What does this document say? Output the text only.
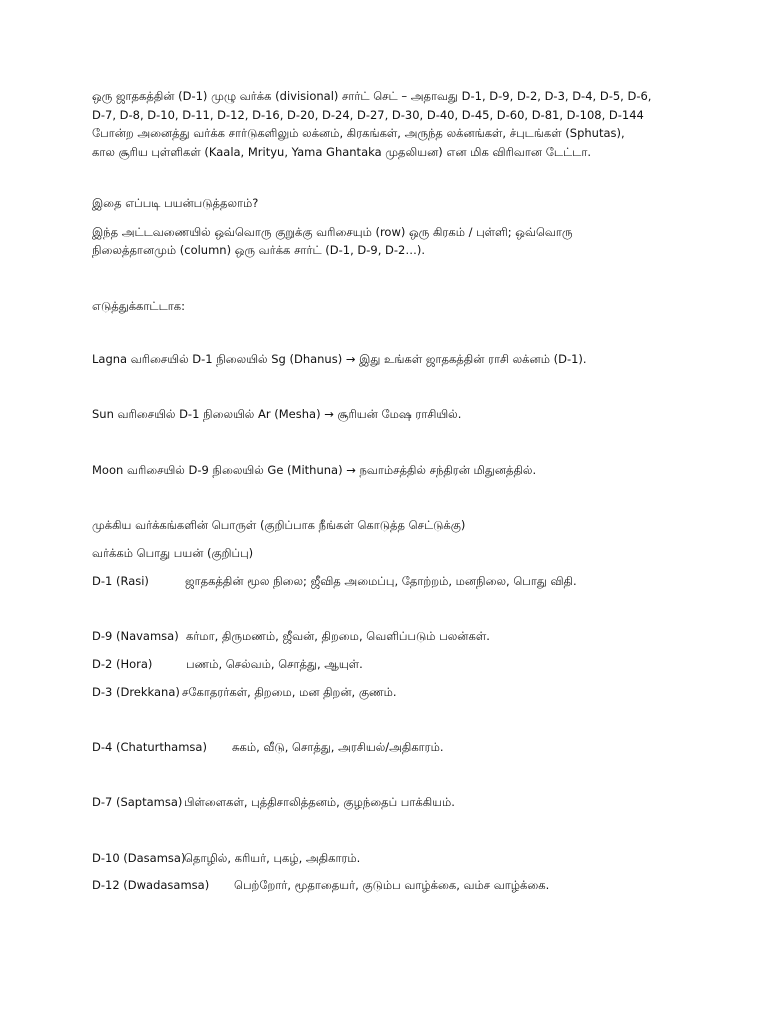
ஒரு ஜாதகத்தின் (D-1) முழு வர்க்க (divisional) சார்ட் செட் – அதாவது D-1, D-9, D-2, D-3, D-4, D-5, D-6,

D-7, D-8, D-10, D-11, D-12, D-16, D-20, D-24, D-27, D-30, D-40, D-45, D-60, D-81, D-108, D-144

போன்ற அனைத்து வர்க்க சார்டுகளிலும் லக்னம், கிரகங்கள், அருந்த லக்னங்கள், ச்புடங்கள் (Sphutas),

கால சூரிய புள்ளிகள் (Kaala, Mrityu, Yama Ghantaka முதலியன) என மிக விரிவான டேட்டா.

இதை எப்படி பயன்படுத்தலாம்?
இந்த அட்டவணையில் ஒவ்வொரு குறுக்கு வரிசையும் (row) ஒரு கிரகம் / புள்ளி; ஒவ்வொரு
நிலைத்தானமும் (column) ஒரு வர்க்க சார்ட் (D-1, D-9, D-2…).
எடுத்துக்காட்டாக:
Lagna வரிசையில் D-1 நிலையில் Sg (Dhanus) → இது உங்கள் ஜாதகத்தின் ராசி லக்னம் (D-1).
Sun வரிசையில் D-1 நிலையில் Ar (Mesha) → சூரியன் மேஷ ராசியில்.
Moon வரிசையில் D-9 நிலையில் Ge (Mithuna) → நவாம்சத்தில் சந்திரன் மிதுனத்தில்.
முக்கிய வர்க்கங்களின் பொருள் (குறிப்பாக நீங்கள் கொடுத்த செட்டுக்கு)
வர்க்கம் பொது பயன் (குறிப்பு)
D-1 (Rasi)	ஜாதகத்தின் மூல நிலை; ஜீவித அமைப்பு, தோற்றம், மனநிலை, பொது விதி.
D-9 (Navamsa) கர்மா, திருமணம், ஜீவன், திறமை, வெளிப்படும் பலன்கள்.
D-2 (Hora)	பணம், செல்வம், சொத்து, ஆயுள்.
D-3 (Drekkana) சகோதரர்கள், திறமை, மன திறன், குணம்.
D-4 (Chaturthamsa) சுகம், வீடு, சொத்து, அரசியல்/அதிகாரம்.
D-7 (Saptamsa) பிள்ளைகள், புத்திசாலித்தனம், குழந்தைப் பாக்கியம்.
D-10 (Dasamsa)
தொழில், கரியர், புகழ், அதிகாரம்.
D-12 (Dwadasamsa) பெற்றோர், மூதாதையர், குடும்ப வாழ்க்கை, வம்ச வாழ்க்கை.
